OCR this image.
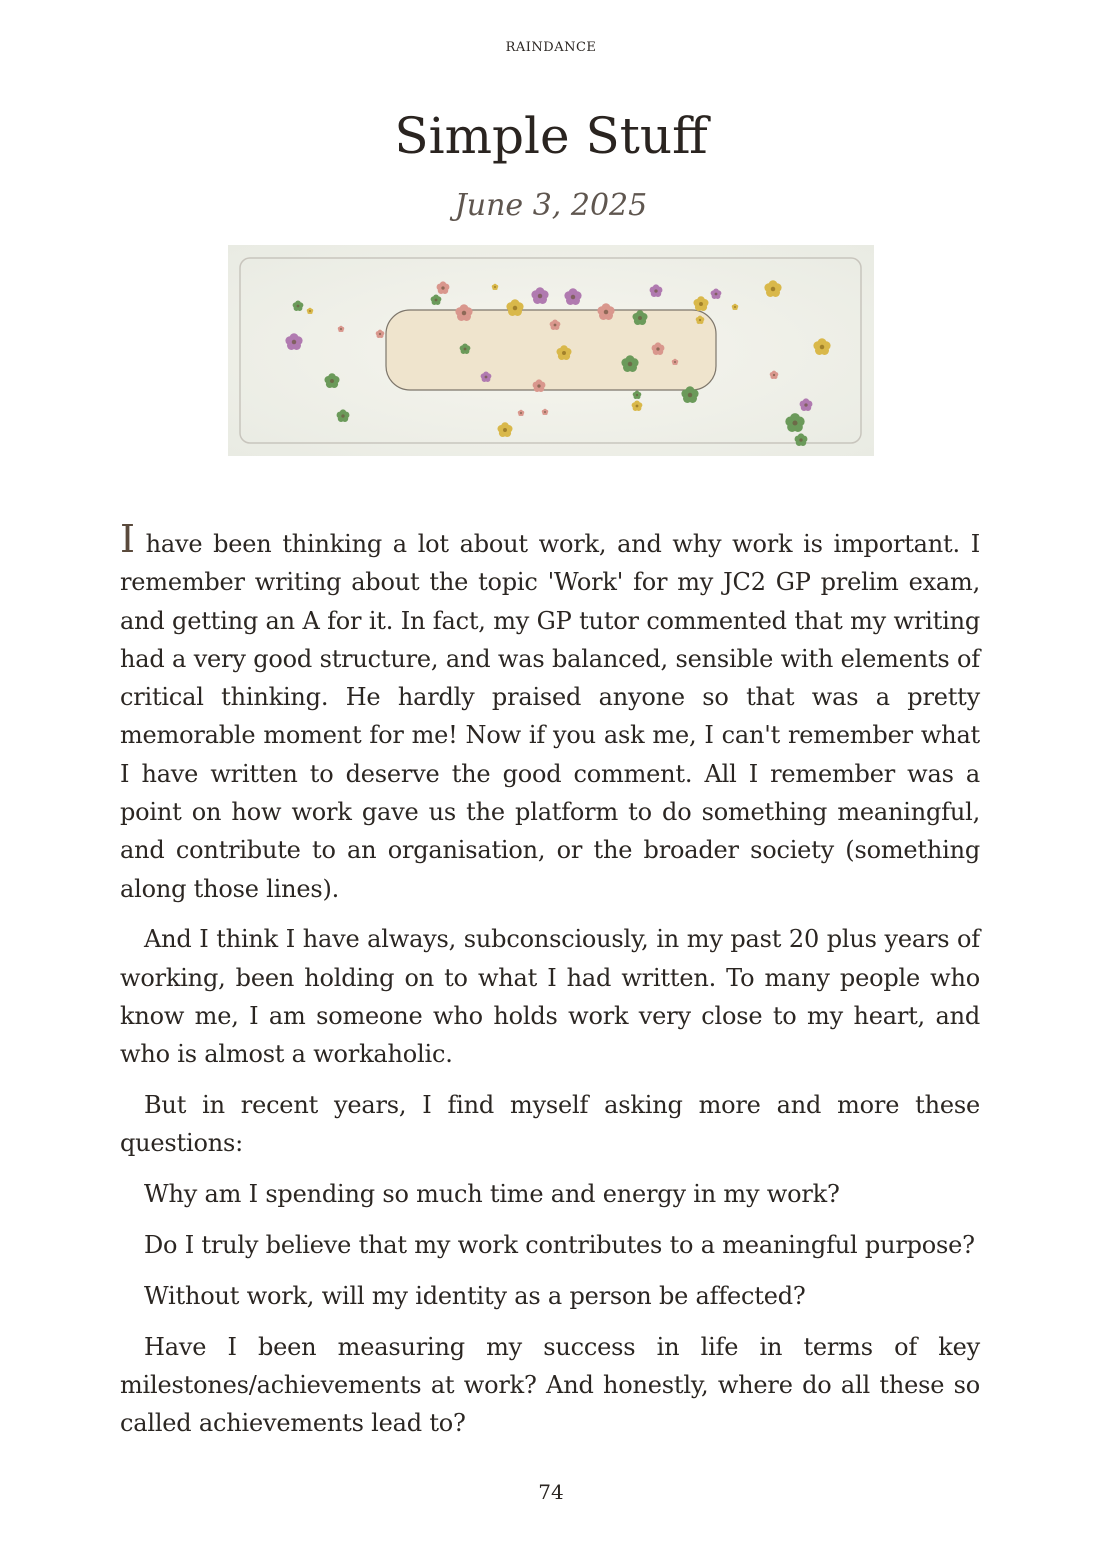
RAINDANCE
Simple Stuff
June 3, 2025

I have been thinking a lot about work, and why work is important. I remember writing about the topic 'Work' for my JC2 GP prelim exam, and getting an A for it. In fact, my GP tutor commented that my writing had a very good structure, and was balanced, sensible with elements of critical thinking. He hardly praised anyone so that was a pretty memorable moment for me! Now if you ask me, I can't remember what I have written to deserve the good comment. All I remember was a point on how work gave us the platform to do something meaningful, and contribute to an organisation, or the broader society (something along those lines).

And I think I have always, subconsciously, in my past 20 plus years of working, been holding on to what I had written. To many people who know me, I am someone who holds work very close to my heart, and who is almost a workaholic.

But in recent years, I find myself asking more and more these questions:

Why am I spending so much time and energy in my work?

Do I truly believe that my work contributes to a meaningful purpose?

Without work, will my identity as a person be affected?

Have I been measuring my success in life in terms of key milestones/achievements at work? And honestly, where do all these so called achievements lead to?

74
